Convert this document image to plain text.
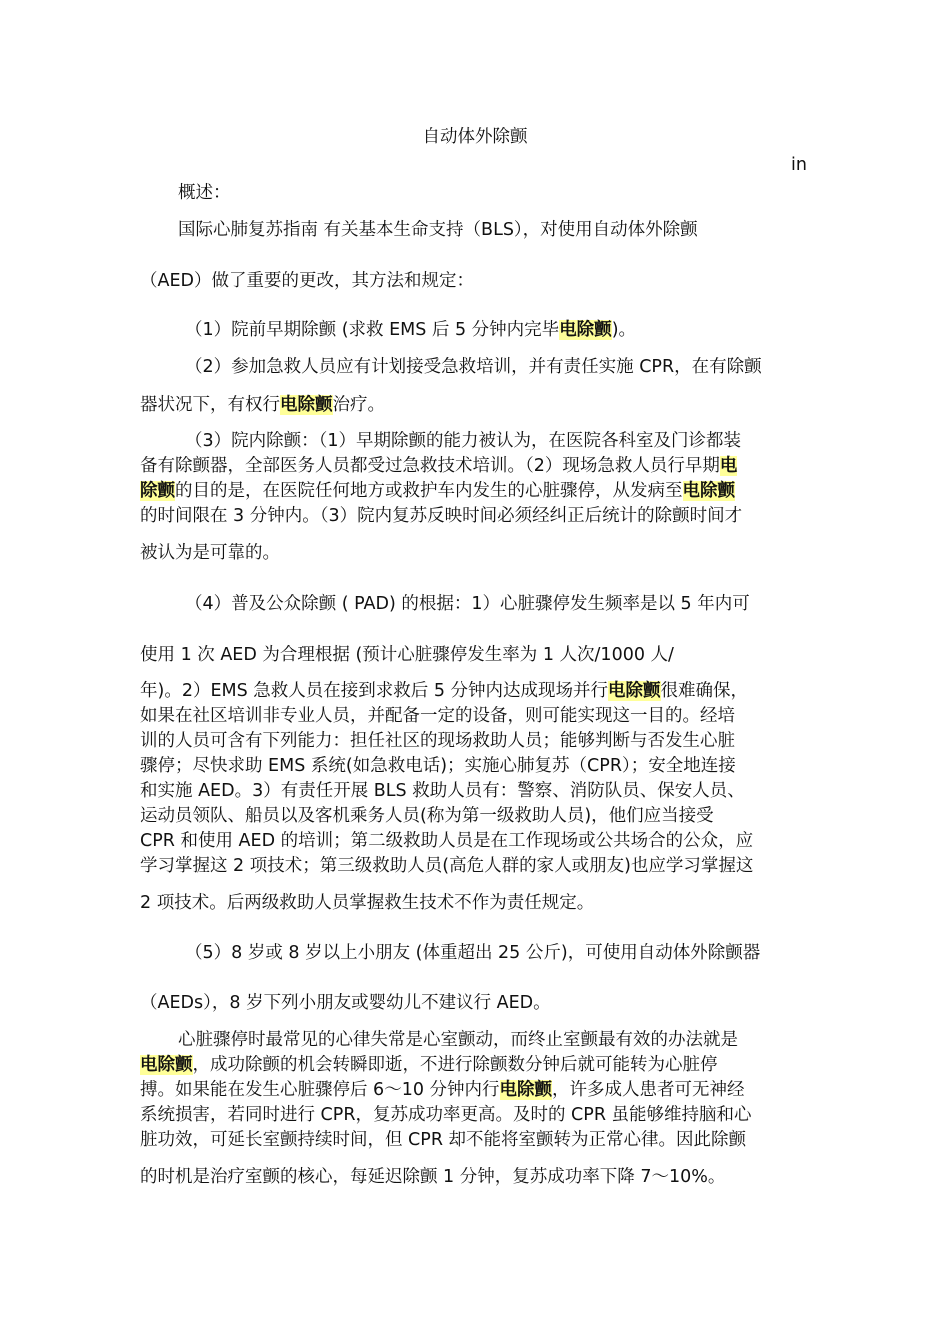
自动体外除颤
in
概述：
国际心肺复苏指南 有关基本生命支持（BLS），对使用自动体外除颤
（AED）做了重要的更改，其方法和规定：
（1）院前早期除颤 (求救 EMS 后 5 分钟内完毕电除颤)。
（2）参加急救人员应有计划接受急救培训，并有责任实施 CPR，在有除颤
器状况下，有权行电除颤治疗。
（3）院内除颤：（1）早期除颤的能力被认为，在医院各科室及门诊都装
备有除颤器，全部医务人员都受过急救技术培训。（2）现场急救人员行早期电
除颤的目的是，在医院任何地方或救护车内发生的心脏骤停，从发病至电除颤
的时间限在 3 分钟内。（3）院内复苏反映时间必须经纠正后统计的除颤时间才
被认为是可靠的。
（4）普及公众除颤 ( PAD) 的根据：1）心脏骤停发生频率是以 5 年内可
使用 1 次 AED 为合理根据 (预计心脏骤停发生率为 1 人次/1000 人/
年)。2）EMS 急救人员在接到求救后 5 分钟内达成现场并行电除颤很难确保，
如果在社区培训非专业人员，并配备一定的设备，则可能实现这一目的。经培
训的人员可含有下列能力：担任社区的现场救助人员；能够判断与否发生心脏
骤停；尽快求助 EMS 系统(如急救电话)；实施心肺复苏（CPR）；安全地连接
和实施 AED。3）有责任开展 BLS 救助人员有：警察、消防队员、保安人员、
运动员领队、船员以及客机乘务人员(称为第一级救助人员)，他们应当接受
CPR 和使用 AED 的培训；第二级救助人员是在工作现场或公共场合的公众，应
学习掌握这 2 项技术；第三级救助人员(高危人群的家人或朋友)也应学习掌握这
2 项技术。后两级救助人员掌握救生技术不作为责任规定。
（5）8 岁或 8 岁以上小朋友 (体重超出 25 公斤)，可使用自动体外除颤器
（AEDs），8 岁下列小朋友或婴幼儿不建议行 AED。
心脏骤停时最常见的心律失常是心室颤动，而终止室颤最有效的办法就是
电除颤，成功除颤的机会转瞬即逝，不进行除颤数分钟后就可能转为心脏停
搏。如果能在发生心脏骤停后 6～10 分钟内行电除颤，许多成人患者可无神经
系统损害，若同时进行 CPR，复苏成功率更高。及时的 CPR 虽能够维持脑和心
脏功效，可延长室颤持续时间，但 CPR 却不能将室颤转为正常心律。因此除颤
的时机是治疗室颤的核心，每延迟除颤 1 分钟，复苏成功率下降 7～10%。
